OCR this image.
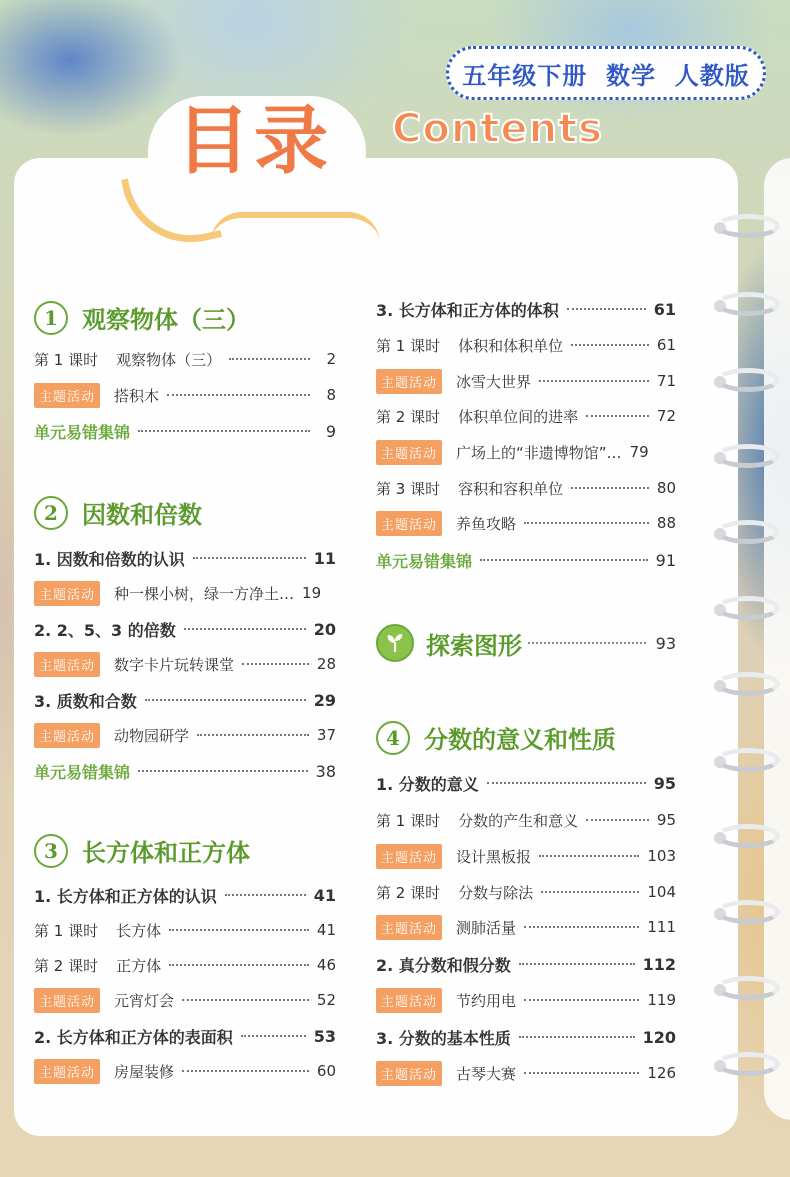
目录 Contents
五年级下册  数学  人教版
1	观察物体（三）
第 1 课时 观察物体（三）	2
主题活动	搭积木	8
单元易错集锦	9
2	因数和倍数
1. 因数和倍数的认识	11
主题活动	种一棵小树，绿一方净土… 19
2. 2、5、3 的倍数	20
主题活动	数字卡片玩转课堂	28
3. 质数和合数	29
主题活动	动物园研学	37
单元易错集锦	38
3	长方体和正方体
1. 长方体和正方体的认识	41
第 1 课时 长方体	41
第 2 课时 正方体	46
主题活动	元宵灯会	52
2. 长方体和正方体的表面积	53
主题活动	房屋装修	60
3. 长方体和正方体的体积	61
第 1 课时 体积和体积单位	61
主题活动	冰雪大世界	71
第 2 课时 体积单位间的进率	72
主题活动	广场上的“非遗博物馆”… 79
第 3 课时 容积和容积单位	80
主题活动	养鱼攻略	88
单元易错集锦	91
探索图形	93
4	分数的意义和性质
1. 分数的意义	95
第 1 课时 分数的产生和意义	95
主题活动	设计黑板报	103
第 2 课时 分数与除法	104
主题活动	测肺活量	111
2. 真分数和假分数	112
主题活动	节约用电	119
3. 分数的基本性质	120
主题活动	古琴大赛	126
